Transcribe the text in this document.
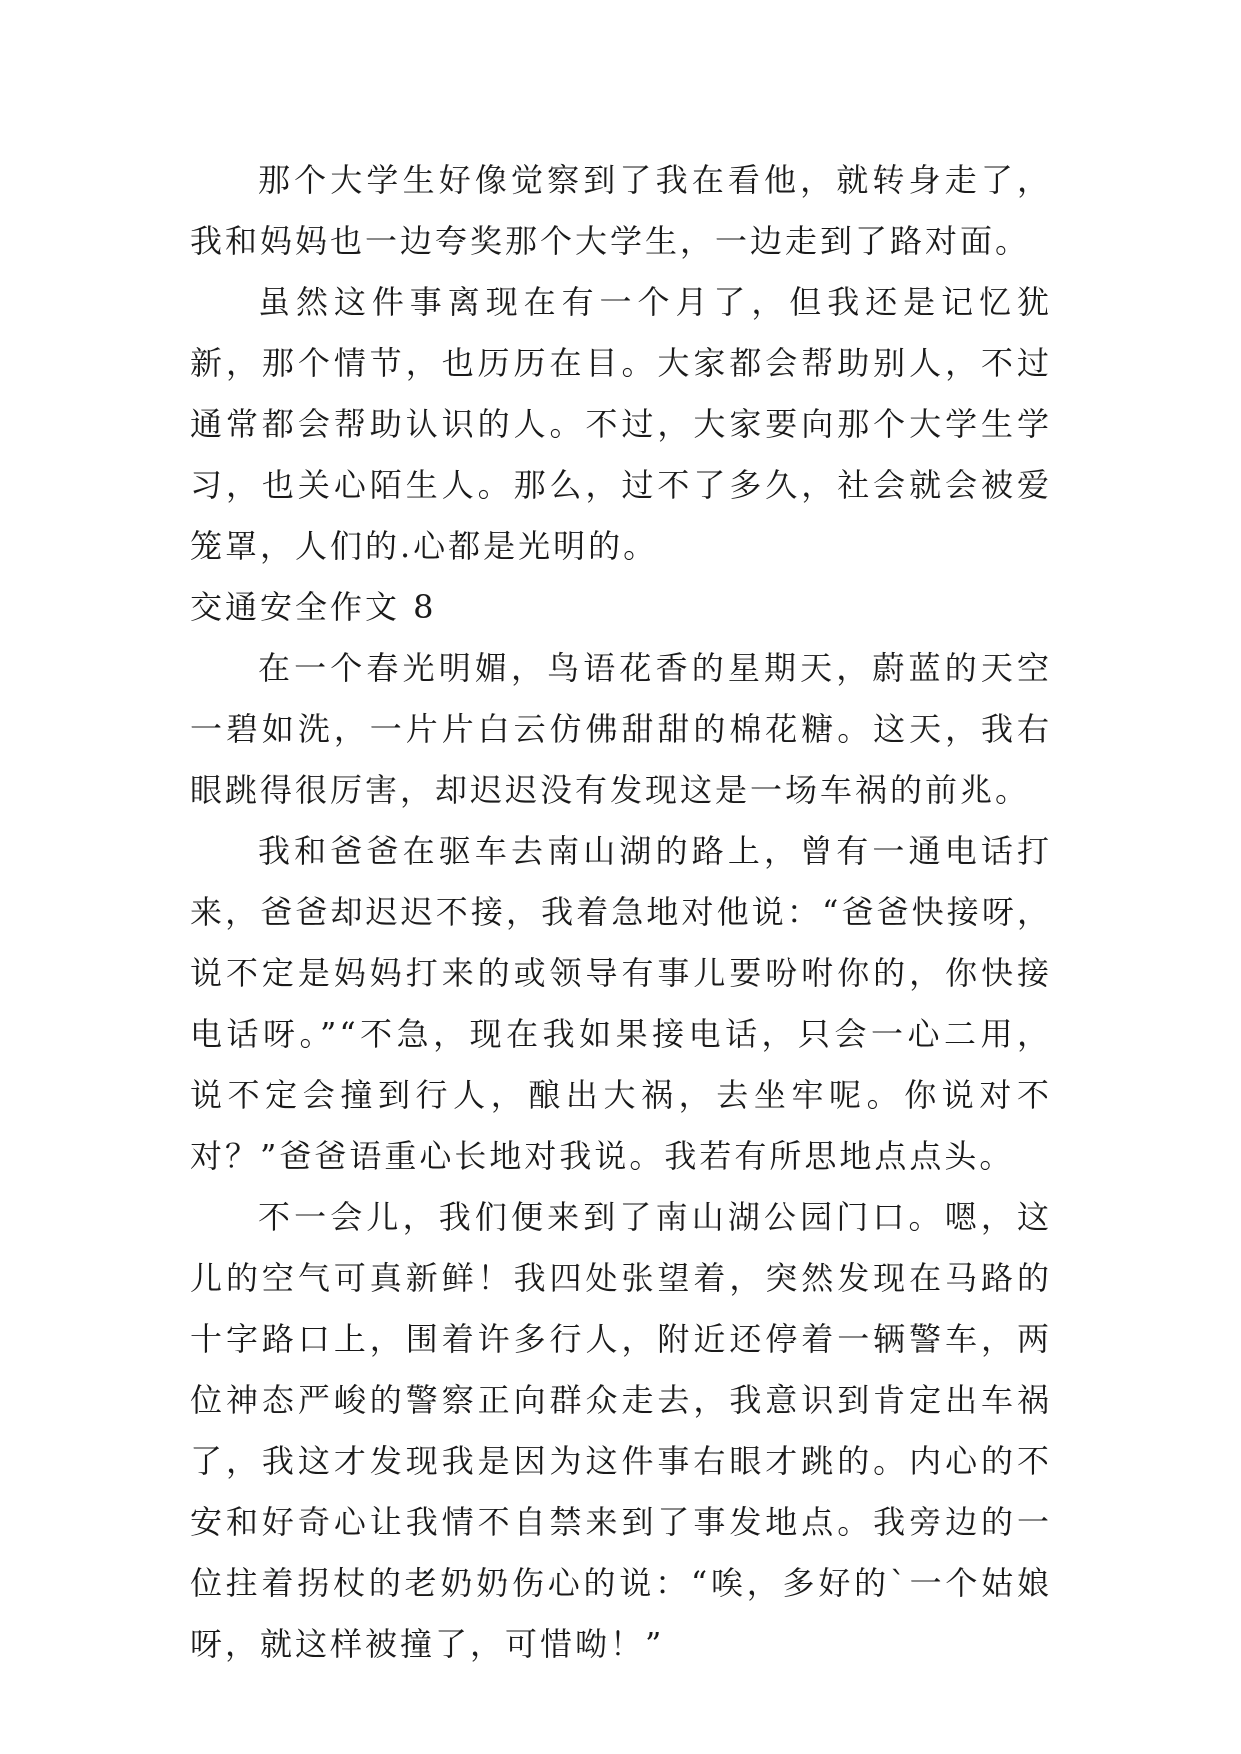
那个大学生好像觉察到了我在看他，就转身走了，我和妈妈也一边夸奖那个大学生，一边走到了路对面。

虽然这件事离现在有一个月了，但我还是记忆犹新，那个情节，也历历在目。大家都会帮助别人，不过通常都会帮助认识的人。不过，大家要向那个大学生学习，也关心陌生人。那么，过不了多久，社会就会被爱笼罩，人们的.心都是光明的。

交通安全作文 8

在一个春光明媚，鸟语花香的星期天，蔚蓝的天空一碧如洗，一片片白云仿佛甜甜的棉花糖。这天，我右眼跳得很厉害，却迟迟没有发现这是一场车祸的前兆。

我和爸爸在驱车去南山湖的路上，曾有一通电话打来，爸爸却迟迟不接，我着急地对他说：“爸爸快接呀，说不定是妈妈打来的或领导有事儿要吩咐你的，你快接电话呀。”“不急，现在我如果接电话，只会一心二用，说不定会撞到行人，酿出大祸，去坐牢呢。你说对不对？”爸爸语重心长地对我说。我若有所思地点点头。

不一会儿，我们便来到了南山湖公园门口。嗯，这儿的空气可真新鲜！我四处张望着，突然发现在马路的十字路口上，围着许多行人，附近还停着一辆警车，两位神态严峻的警察正向群众走去，我意识到肯定出车祸了，我这才发现我是因为这件事右眼才跳的。内心的不安和好奇心让我情不自禁来到了事发地点。我旁边的一位拄着拐杖的老奶奶伤心的说：“唉，多好的`一个姑娘呀，就这样被撞了，可惜呦！”
